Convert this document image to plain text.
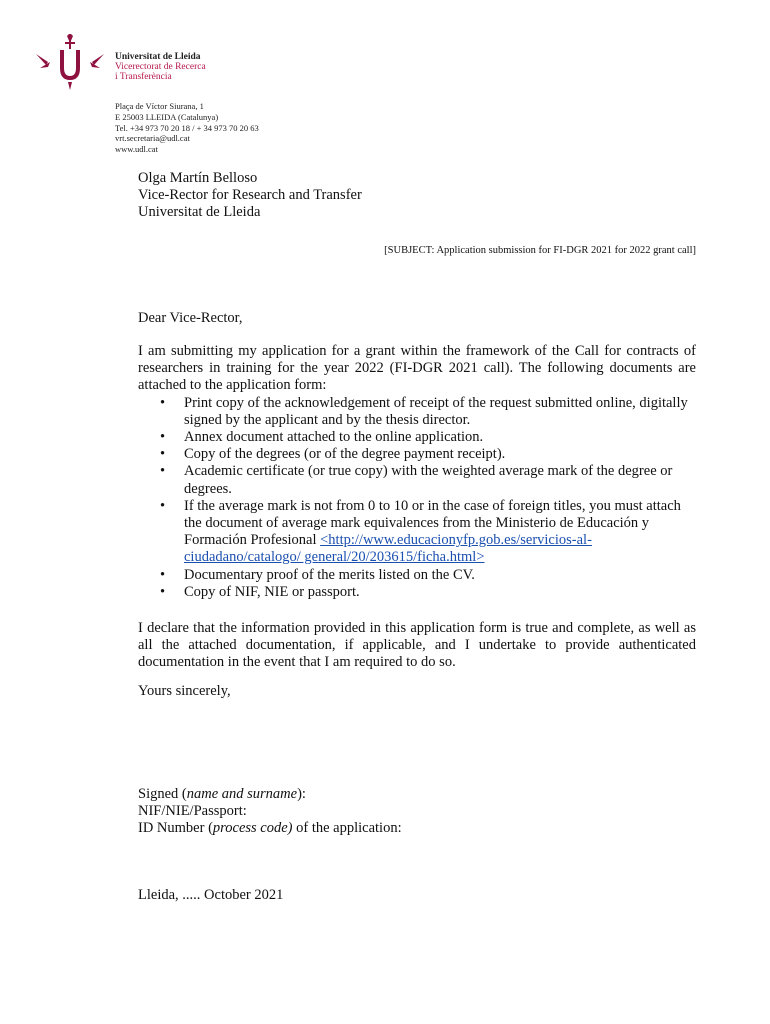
Universitat de Lleida
Vicerectorat de Recerca
i Transferència
Plaça de Víctor Siurana, 1
E 25003 LLEIDA (Catalunya)
Tel. +34 973 70 20 18 / + 34 973 70 20 63
vrt.secretaria@udl.cat
www.udl.cat
Olga Martín Belloso
Vice-Rector for Research and Transfer
Universitat de Lleida
[SUBJECT: Application submission for FI-DGR 2021 for 2022 grant call]
Dear Vice-Rector,
I am submitting my application for a grant within the framework of the Call for contracts of researchers in training for the year 2022 (FI-DGR 2021 call). The following documents are attached to the application form:
• Print copy of the acknowledgement of receipt of the request submitted online, digitally signed by the applicant and by the thesis director.
• Annex document attached to the online application.
• Copy of the degrees (or of the degree payment receipt).
• Academic certificate (or true copy) with the weighted average mark of the degree or degrees.
• If the average mark is not from 0 to 10 or in the case of foreign titles, you must attach the document of average mark equivalences from the Ministerio de Educación y Formación Profesional <http://www.educacionyfp.gob.es/servicios-al- ciudadano/catalogo/ general/20/203615/ficha.html>
• Documentary proof of the merits listed on the CV.
• Copy of NIF, NIE or passport.
I declare that the information provided in this application form is true and complete, as well as all the attached documentation, if applicable, and I undertake to provide authenticated documentation in the event that I am required to do so.
Yours sincerely,
Signed (name and surname):
NIF/NIE/Passport:
ID Number (process code) of the application:
Lleida, ..... October 2021
